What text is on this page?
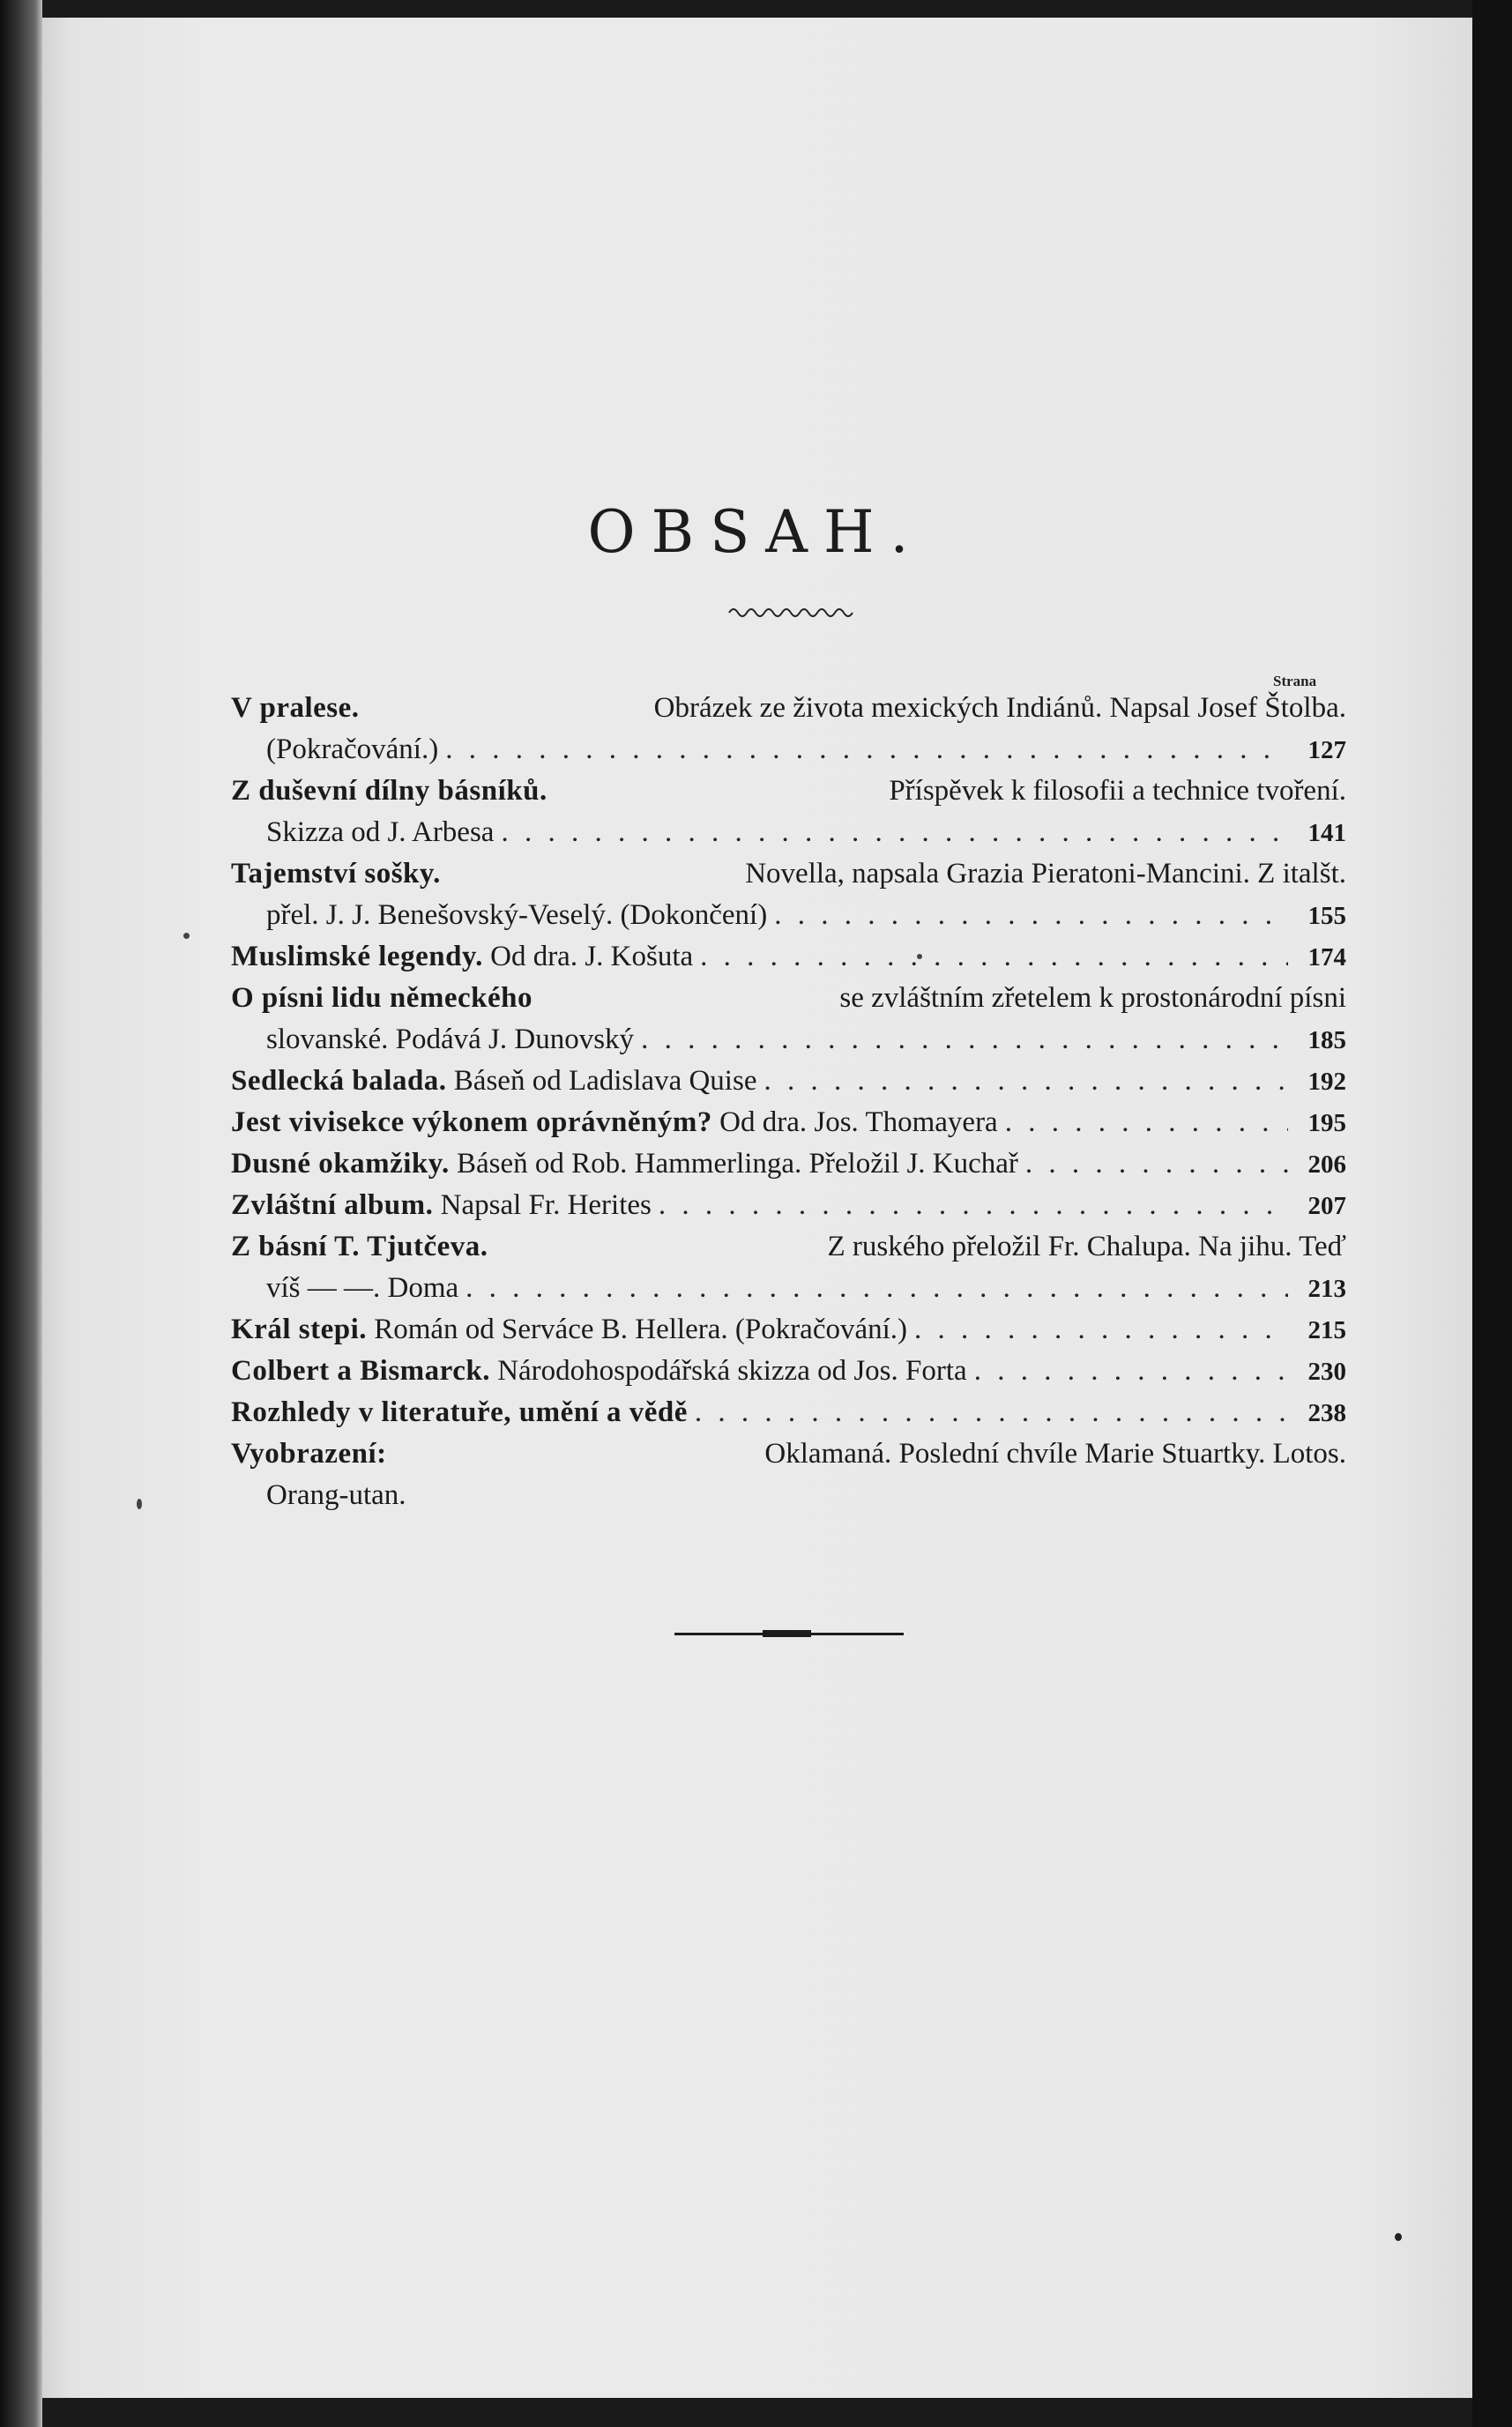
OBSAH.
Strana
V pralese.	Obrázek ze života mexických Indiánů. Napsal Josef Štolba.
(Pokračování.) . . .	127
Z duševní dílny básníků.	Příspěvek k filosofii a technice tvoření.
Skizza od J. Arbesa . . .	141
Tajemství sošky.	Novella, napsala Grazia Pieratoni-Mancini. Z italšt.
přel. J. J. Benešovský-Veselý. (Dokončení) . . .	155
Muslimské legendy. Od dra. J. Košuta . . .	174
O písni lidu německého	se zvláštním zřetelem k prostonárodní písni
slovanské. Podává J. Dunovský . . .	185
Sedlecká balada. Báseň od Ladislava Quise . . .	192
Jest vivisekce výkonem oprávněným? Od dra. Jos. Thomayera . . .	195
Dusné okamžiky. Báseň od Rob. Hammerlinga. Přeložil J. Kuchař . . .	206
Zvláštní album. Napsal Fr. Herites . . .	207
Z básní T. Tjutčeva.	Z ruského přeložil Fr. Chalupa. Na jihu. Teď
víš — —. Doma . . .	213
Král stepi. Román od Serváce B. Hellera. (Pokračování.) . . .	215
Colbert a Bismarck. Národohospodářská skizza od Jos. Forta . . .	230
Rozhledy v literatuře, umění a vědě . . .	238
Vyobrazení:	Oklamaná. Poslední chvíle Marie Stuartky. Lotos.
Orang-utan.
